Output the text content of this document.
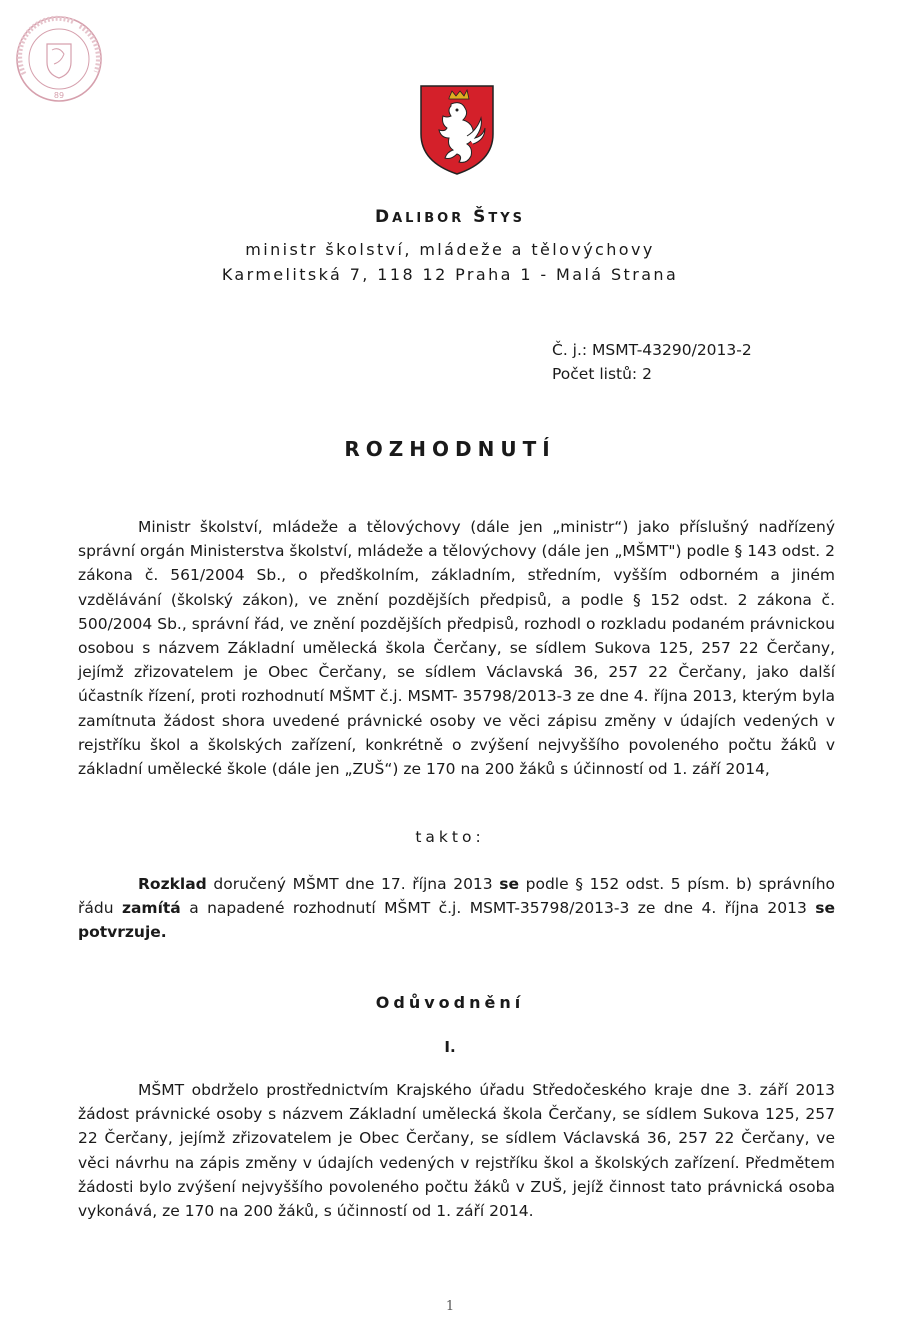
89
DALIBOR ŠTYS
ministr školství, mládeže a tělovýchovy
Karmelitská 7, 118 12 Praha 1 - Malá Strana
Č. j.: MSMT-43290/2013-2
Počet listů: 2
ROZHODNUTÍ

Ministr školství, mládeže a tělovýchovy (dále jen „ministr“) jako příslušný nadřízený správní orgán Ministerstva školství, mládeže a tělovýchovy (dále jen „MŠMT") podle § 143 odst. 2 zákona č. 561/2004 Sb., o předškolním, základním, středním, vyšším odborném a jiném vzdělávání (školský zákon), ve znění pozdějších předpisů, a podle § 152 odst. 2 zákona č. 500/2004 Sb., správní řád, ve znění pozdějších předpisů, rozhodl o rozkladu podaném právnickou osobou s názvem Základní umělecká škola Čerčany, se sídlem Sukova 125, 257 22 Čerčany, jejímž zřizovatelem je Obec Čerčany, se sídlem Václavská 36, 257 22 Čerčany, jako další účastník řízení, proti rozhodnutí MŠMT č.j. MSMT- 35798/2013-3 ze dne 4. října 2013, kterým byla zamítnuta žádost shora uvedené právnické osoby ve věci zápisu změny v údajích vedených v rejstříku škol a školských zařízení, konkrétně o zvýšení nejvyššího povoleného počtu žáků v základní umělecké škole (dále jen „ZUŠ“) ze 170 na 200 žáků s účinností od 1. září 2014,

takto:

Rozklad doručený MŠMT dne 17. října 2013 se podle § 152 odst. 5 písm. b) správního řádu zamítá a napadené rozhodnutí MŠMT č.j. MSMT-35798/2013-3 ze dne 4. října 2013 se potvrzuje.

Odůvodnění
I.

MŠMT obdrželo prostřednictvím Krajského úřadu Středočeského kraje dne 3. září 2013 žádost právnické osoby s názvem Základní umělecká škola Čerčany, se sídlem Sukova 125, 257 22 Čerčany, jejímž zřizovatelem je Obec Čerčany, se sídlem Václavská 36, 257 22 Čerčany, ve věci návrhu na zápis změny v údajích vedených v rejstříku škol a školských zařízení. Předmětem žádosti bylo zvýšení nejvyššího povoleného počtu žáků v ZUŠ, jejíž činnost tato právnická osoba vykonává, ze 170 na 200 žáků, s účinností od 1. září 2014.

1
